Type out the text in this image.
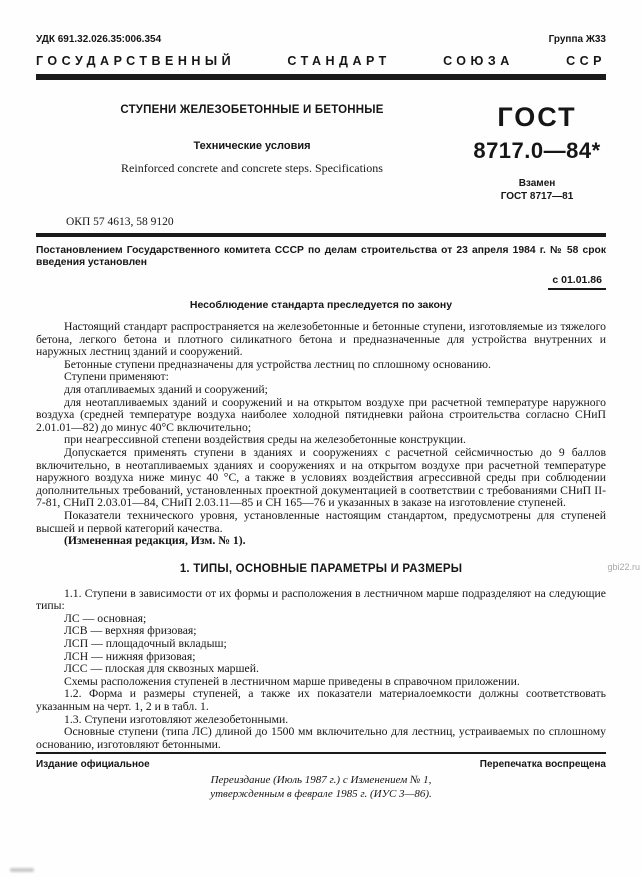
УДК 691.32.026.35:006.354	Группа Ж33
ГОСУДАРСТВЕННЫЙ СТАНДАРТ СОЮЗА ССР
СТУПЕНИ ЖЕЛЕЗОБЕТОННЫЕ И БЕТОННЫЕ
Технические условия
Reinforced concrete and concrete steps. Specifications
ГОСТ
8717.0—84*
Взамен
ГОСТ 8717—81
ОКП 57 4613, 58 9120
Постановлением Государственного комитета СССР по делам строительства от 23 апреля 1984 г. № 58 срок введения установлен
с 01.01.86
Несоблюдение стандарта преследуется по закону

Настоящий стандарт распространяется на железобетонные и бетонные ступени, изготовляемые из тяжелого бетона, легкого бетона и плотного силикатного бетона и предназначенные для устройства внутренних и наружных лестниц зданий и сооружений.

Бетонные ступени предназначены для устройства лестниц по сплошному основанию.

Ступени применяют:

для отапливаемых зданий и сооружений;

для неотапливаемых зданий и сооружений и на открытом воздухе при расчетной температуре наружного воздуха (средней температуре воздуха наиболее холодной пятидневки района строительства согласно СНиП 2.01.01—82) до минус 40°С включительно;

при неагрессивной степени воздействия среды на железобетонные конструкции.

Допускается применять ступени в зданиях и сооружениях с расчетной сейсмичностью до 9 баллов включительно, в неотапливаемых зданиях и сооружениях и на открытом воздухе при расчетной температуре наружного воздуха ниже минус 40 °С, а также в условиях воздействия агрессивной среды при соблюдении дополнительных требований, установленных проектной документацией в соответствии с требованиями СНиП II-7-81, СНиП 2.03.01—84, СНиП 2.03.11—85 и СН 165—76 и указанных в заказе на изготовление ступеней.

Показатели технического уровня, установленные настоящим стандартом, предусмотрены для ступеней высшей и первой категорий качества.

(Измененная редакция, Изм. № 1).

1. ТИПЫ, ОСНОВНЫЕ ПАРАМЕТРЫ И РАЗМЕРЫ

1.1. Ступени в зависимости от их формы и расположения в лестничном марше подразделяют на следующие типы:

ЛС — основная;

ЛСВ — верхняя фризовая;

ЛСП — площадочный вкладыш;

ЛСН — нижняя фризовая;

ЛСС — плоская для сквозных маршей.

Схемы расположения ступеней в лестничном марше приведены в справочном приложении.

1.2. Форма и размеры ступеней, а также их показатели материалоемкости должны соответствовать указанным на черт. 1, 2 и в табл. 1.

1.3. Ступени изготовляют железобетонными.

Основные ступени (типа ЛС) длиной до 1500 мм включительно для лестниц, устраиваемых по сплошному основанию, изготовляют бетонными.

Издание официальное	Перепечатка воспрещена
Переиздание (Июль 1987 г.) с Изменением № 1,
утвержденным в феврале 1985 г. (ИУС 3—86).
gbi22.ru
